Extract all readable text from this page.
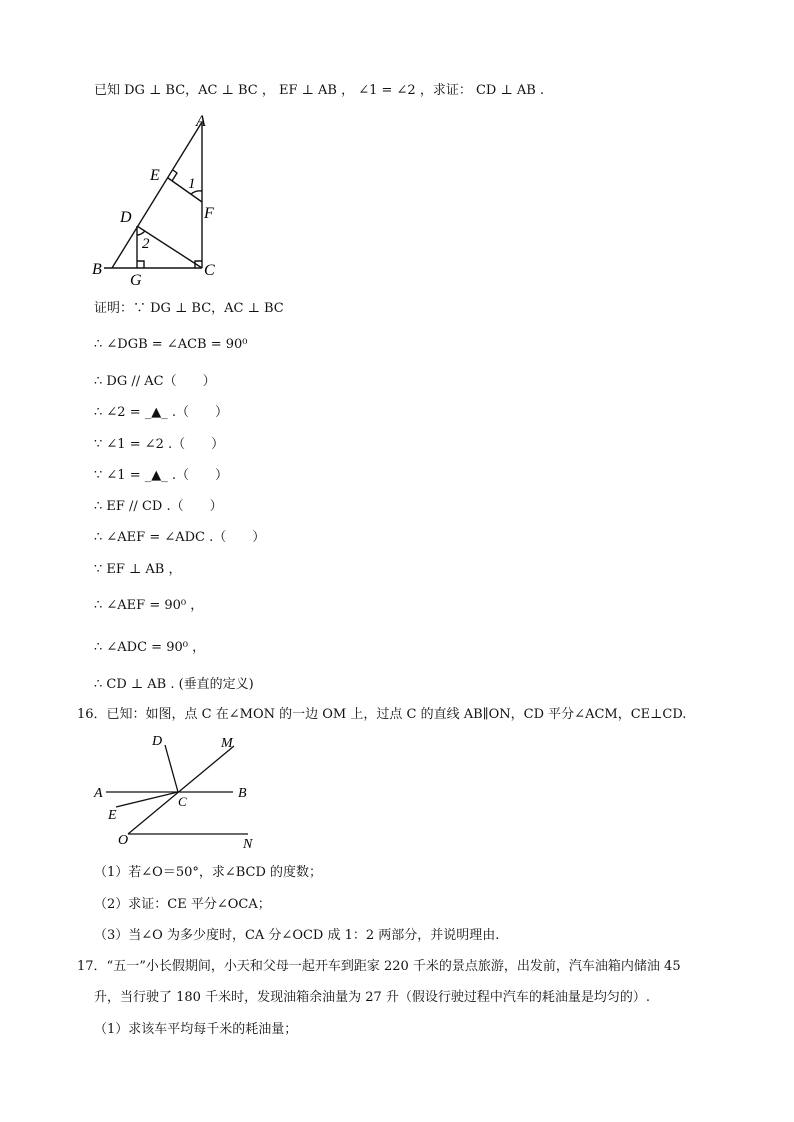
已知 DG ⊥ BC，AC ⊥ BC ， EF ⊥ AB ， ∠1 = ∠2 ，求证： CD ⊥ AB .
A
E 1
F
D
2
B
G
C
证明：∵ DG ⊥ BC，AC ⊥ BC
∴ ∠DGB = ∠ACB = 90⁰
∴ DG // AC（　　）
∴ ∠2 = _▲_ .（　　）
∵ ∠1 = ∠2 .（　　）
∵ ∠1 = _▲_ .（　　）
∴ EF // CD .（　　）
∴ ∠AEF = ∠ADC .（　　）
∵ EF ⊥ AB ，
∴ ∠AEF = 90⁰ ，
∴ ∠ADC = 90⁰ ，
∴ CD ⊥ AB . (垂直的定义)
16．已知：如图，点 C 在∠MON 的一边 OM 上，过点 C 的直线 AB∥ON，CD 平分∠ACM，CE⊥CD.
D	M
A	B
C
E
O	N
（1）若∠O＝50°，求∠BCD 的度数；
（2）求证：CE 平分∠OCA；
（3）当∠O 为多少度时，CA 分∠OCD 成 1：2 两部分，并说明理由.
17．“五一”小长假期间，小天和父母一起开车到距家 220 千米的景点旅游，出发前，汽车油箱内储油 45
升，当行驶了 180 千米时，发现油箱余油量为 27 升（假设行驶过程中汽车的耗油量是均匀的）.
（1）求该车平均每千米的耗油量；
